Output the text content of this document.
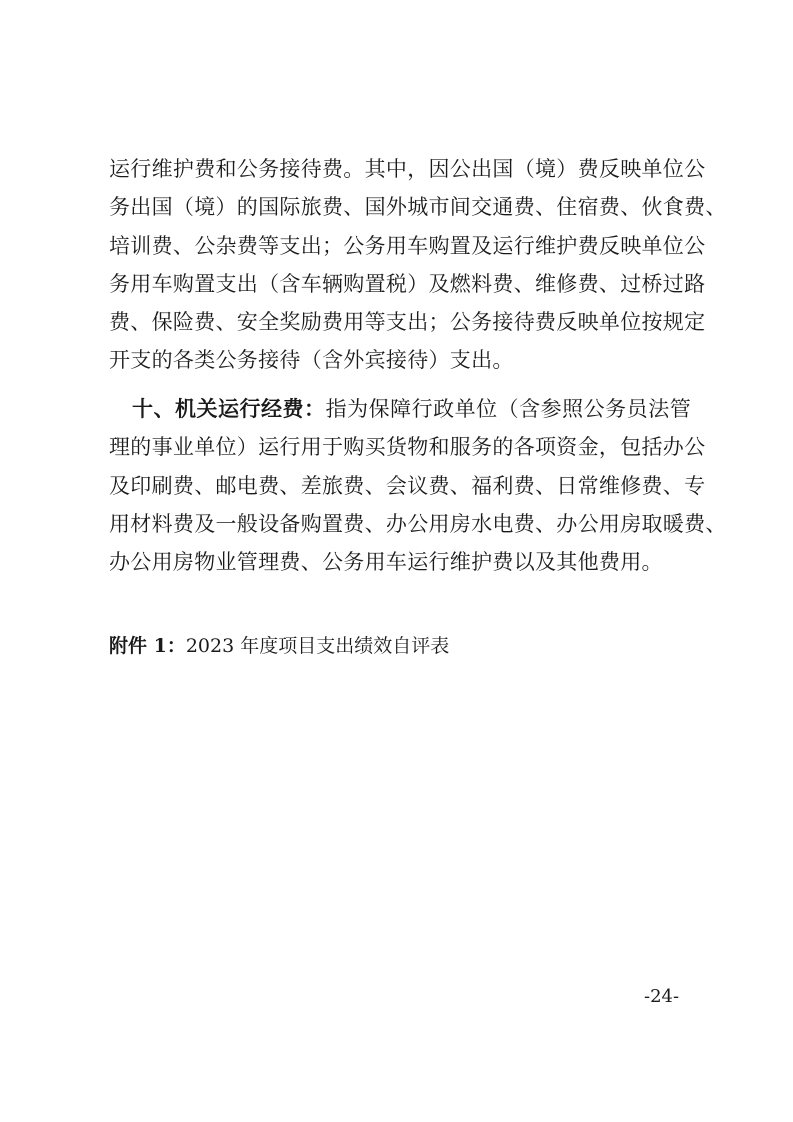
运行维护费和公务接待费。其中，因公出国（境）费反映单位公
务出国（境）的国际旅费、国外城市间交通费、住宿费、伙食费、
培训费、公杂费等支出；公务用车购置及运行维护费反映单位公
务用车购置支出（含车辆购置税）及燃料费、维修费、过桥过路
费、保险费、安全奖励费用等支出；公务接待费反映单位按规定
开支的各类公务接待（含外宾接待）支出。
十、机关运行经费：指为保障行政单位（含参照公务员法管
理的事业单位）运行用于购买货物和服务的各项资金，包括办公
及印刷费、邮电费、差旅费、会议费、福利费、日常维修费、专
用材料费及一般设备购置费、办公用房水电费、办公用房取暖费、
办公用房物业管理费、公务用车运行维护费以及其他费用。
附件 1：2023 年度项目支出绩效自评表
-24-
